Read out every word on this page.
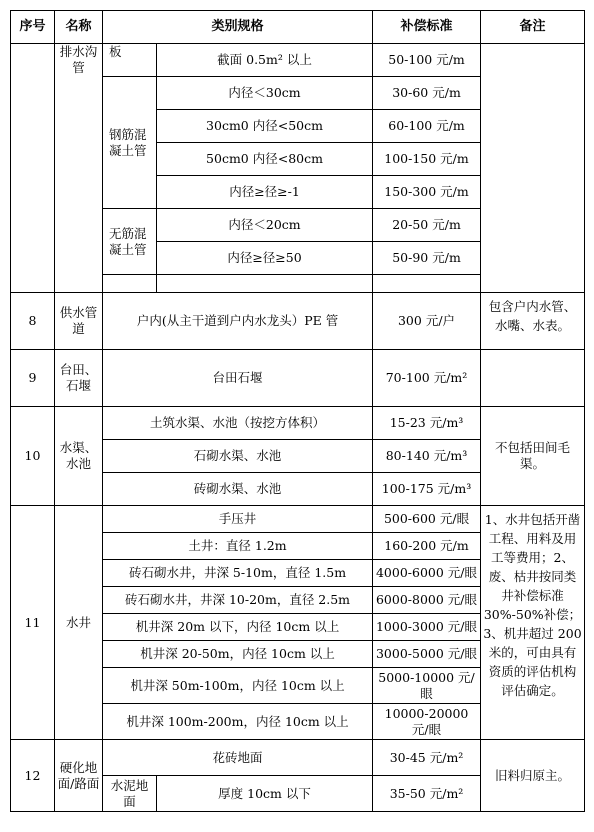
序号	名称	类别规格		补偿标准	备注
	排水沟管	板	截面 0.5m² 以上	50-100 元/m	
		钢筋混凝土管	内径＜30cm	30-60 元/m	
			30cm0 内径<50cm	60-100 元/m	
			50cm0 内径<80cm	100-150 元/m	
			内径≥径≥-1	150-300 元/m	
		无筋混凝土管	内径＜20cm	20-50 元/m	
			内径≥径≥50	50-90 元/m	

8	供水管道	户内(从主干道到户内水龙头）PE 管		300 元/户	包含户内水管、水嘴、水表。
9	台田、石堰	台田石堰		70-100 元/m²	
10	水渠、水池	土筑水渠、水池（按挖方体积）		15-23 元/m³	不包括田间毛渠。
		石砌水渠、水池		80-140 元/m³	
		砖砌水渠、水池		100-175 元/m³	
11	水井	手压井		500-600 元/眼	1、水井包括开凿工程、用料及用工等费用；2、废、枯井按同类井补偿标准30%-50%补偿；3、机井超过 200 米的，可由具有资质的评估机构评估确定。
		土井：直径 1.2m		160-200 元/m	
		砖石砌水井，井深 5-10m，直径 1.5m		4000-6000 元/眼	
		砖石砌水井，井深 10-20m，直径 2.5m		6000-8000 元/眼	
		机井深 20m 以下，内径 10cm 以上		1000-3000 元/眼	
		机井深 20-50m，内径 10cm 以上		3000-5000 元/眼	
		机井深 50m-100m，内径 10cm 以上		5000-10000 元/眼	
		机井深 100m-200m，内径 10cm 以上		10000-20000 元/眼	
12	硬化地面/路面	花砖地面		30-45 元/m²	旧料归原主。
		水泥地面	厚度 10cm 以下	35-50 元/m²	
